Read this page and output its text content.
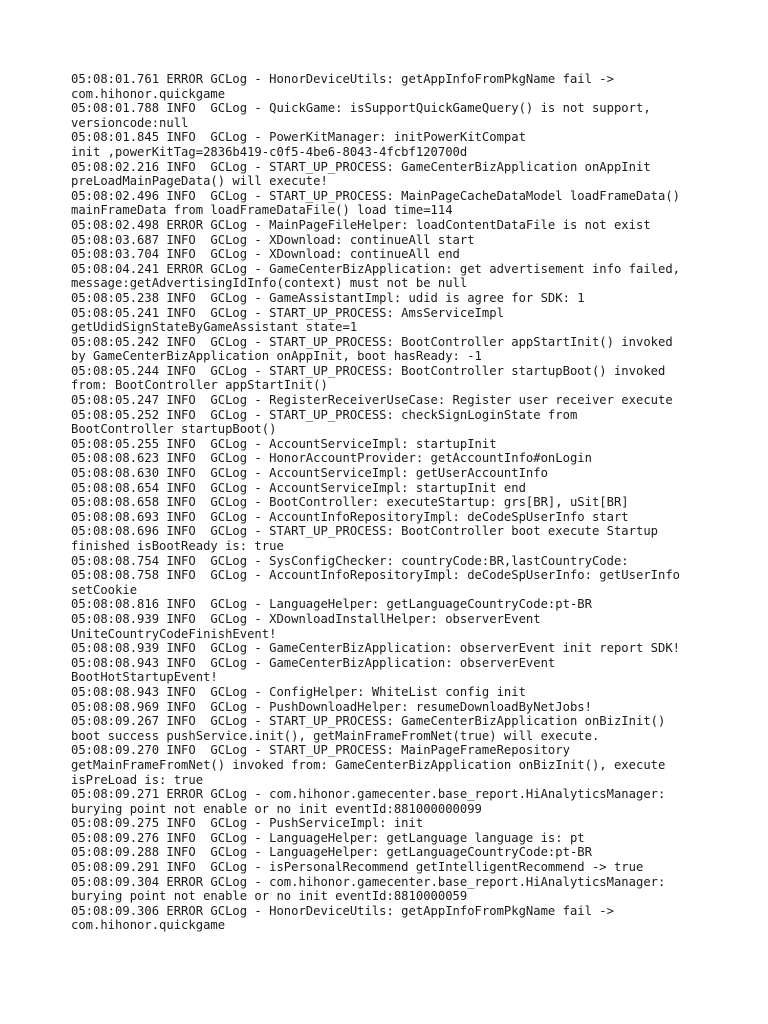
05:08:01.761 ERROR GCLog - HonorDeviceUtils: getAppInfoFromPkgName fail ->
com.hihonor.quickgame
05:08:01.788 INFO  GCLog - QuickGame: isSupportQuickGameQuery() is not support,
versioncode:null
05:08:01.845 INFO  GCLog - PowerKitManager: initPowerKitCompat
init ,powerKitTag=2836b419-c0f5-4be6-8043-4fcbf120700d
05:08:02.216 INFO  GCLog - START_UP_PROCESS: GameCenterBizApplication onAppInit
preLoadMainPageData() will execute!
05:08:02.496 INFO  GCLog - START_UP_PROCESS: MainPageCacheDataModel loadFrameData()
mainFrameData from loadFrameDataFile() load time=114
05:08:02.498 ERROR GCLog - MainPageFileHelper: loadContentDataFile is not exist
05:08:03.687 INFO  GCLog - XDownload: continueAll start
05:08:03.704 INFO  GCLog - XDownload: continueAll end
05:08:04.241 ERROR GCLog - GameCenterBizApplication: get advertisement info failed,
message:getAdvertisingIdInfo(context) must not be null
05:08:05.238 INFO  GCLog - GameAssistantImpl: udid is agree for SDK: 1
05:08:05.241 INFO  GCLog - START_UP_PROCESS: AmsServiceImpl
getUdidSignStateByGameAssistant state=1
05:08:05.242 INFO  GCLog - START_UP_PROCESS: BootController appStartInit() invoked
by GameCenterBizApplication onAppInit, boot hasReady: -1
05:08:05.244 INFO  GCLog - START_UP_PROCESS: BootController startupBoot() invoked
from: BootController appStartInit()
05:08:05.247 INFO  GCLog - RegisterReceiverUseCase: Register user receiver execute
05:08:05.252 INFO  GCLog - START_UP_PROCESS: checkSignLoginState from
BootController startupBoot()
05:08:05.255 INFO  GCLog - AccountServiceImpl: startupInit
05:08:08.623 INFO  GCLog - HonorAccountProvider: getAccountInfo#onLogin
05:08:08.630 INFO  GCLog - AccountServiceImpl: getUserAccountInfo
05:08:08.654 INFO  GCLog - AccountServiceImpl: startupInit end
05:08:08.658 INFO  GCLog - BootController: executeStartup: grs[BR], uSit[BR]
05:08:08.693 INFO  GCLog - AccountInfoRepositoryImpl: deCodeSpUserInfo start
05:08:08.696 INFO  GCLog - START_UP_PROCESS: BootController boot execute Startup
finished isBootReady is: true
05:08:08.754 INFO  GCLog - SysConfigChecker: countryCode:BR,lastCountryCode:
05:08:08.758 INFO  GCLog - AccountInfoRepositoryImpl: deCodeSpUserInfo: getUserInfo
setCookie
05:08:08.816 INFO  GCLog - LanguageHelper: getLanguageCountryCode:pt-BR
05:08:08.939 INFO  GCLog - XDownloadInstallHelper: observerEvent
UniteCountryCodeFinishEvent!
05:08:08.939 INFO  GCLog - GameCenterBizApplication: observerEvent init report SDK!
05:08:08.943 INFO  GCLog - GameCenterBizApplication: observerEvent
BootHotStartupEvent!
05:08:08.943 INFO  GCLog - ConfigHelper: WhiteList config init
05:08:08.969 INFO  GCLog - PushDownloadHelper: resumeDownloadByNetJobs!
05:08:09.267 INFO  GCLog - START_UP_PROCESS: GameCenterBizApplication onBizInit()
boot success pushService.init(), getMainFrameFromNet(true) will execute.
05:08:09.270 INFO  GCLog - START_UP_PROCESS: MainPageFrameRepository
getMainFrameFromNet() invoked from: GameCenterBizApplication onBizInit(), execute
isPreLoad is: true
05:08:09.271 ERROR GCLog - com.hihonor.gamecenter.base_report.HiAnalyticsManager:
burying point not enable or no init eventId:881000000099
05:08:09.275 INFO  GCLog - PushServiceImpl: init
05:08:09.276 INFO  GCLog - LanguageHelper: getLanguage language is: pt
05:08:09.288 INFO  GCLog - LanguageHelper: getLanguageCountryCode:pt-BR
05:08:09.291 INFO  GCLog - isPersonalRecommend getIntelligentRecommend -> true
05:08:09.304 ERROR GCLog - com.hihonor.gamecenter.base_report.HiAnalyticsManager:
burying point not enable or no init eventId:8810000059
05:08:09.306 ERROR GCLog - HonorDeviceUtils: getAppInfoFromPkgName fail ->
com.hihonor.quickgame
